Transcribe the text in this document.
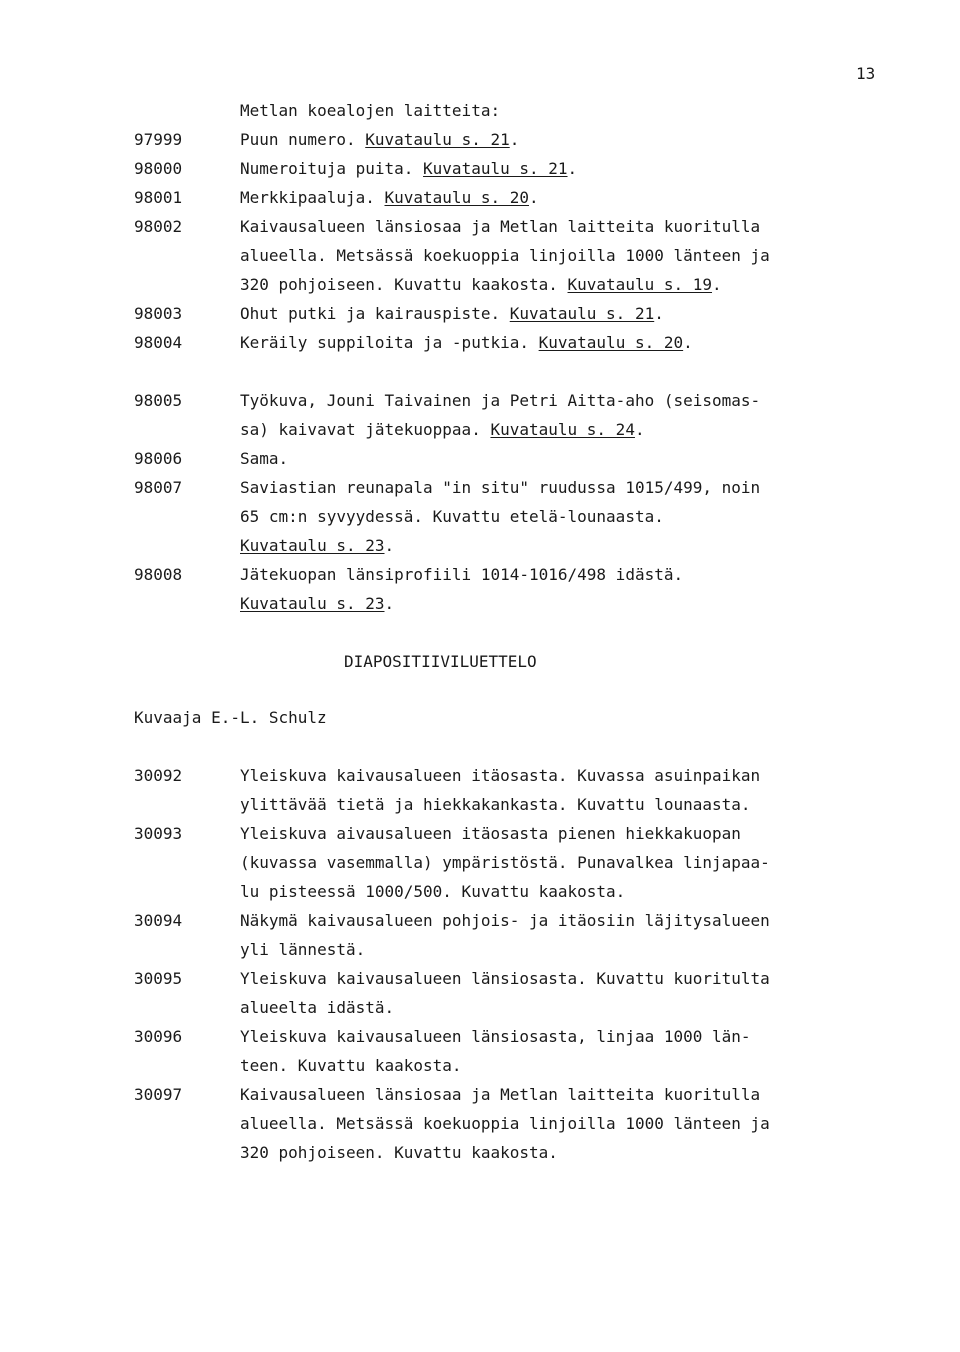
13
Metlan koealojen laitteita:
97999	Puun numero. Kuvataulu s. 21.
98000	Numeroituja puita. Kuvataulu s. 21.
98001	Merkkipaaluja. Kuvataulu s. 20.
98002	Kaivausalueen länsiosaa ja Metlan laitteita kuoritulla
alueella. Metsässä koekuoppia linjoilla 1000 länteen ja
320 pohjoiseen. Kuvattu kaakosta. Kuvataulu s. 19.
98003	Ohut putki ja kairauspiste. Kuvataulu s. 21.
98004	Keräily suppiloita ja -putkia. Kuvataulu s. 20.
98005	Työkuva, Jouni Taivainen ja Petri Aitta-aho (seisomas-
sa) kaivavat jätekuoppaa. Kuvataulu s. 24.
98006	Sama.
98007	Saviastian reunapala "in situ" ruudussa 1015/499, noin
65 cm:n syvyydessä. Kuvattu etelä-lounaasta.
Kuvataulu s. 23.
98008	Jätekuopan länsiprofiili 1014-1016/498 idästä.
Kuvataulu s. 23.
DIAPOSITIIVILUETTELO
Kuvaaja E.-L. Schulz
30092	Yleiskuva kaivausalueen itäosasta. Kuvassa asuinpaikan
ylittävää tietä ja hiekkakankasta. Kuvattu lounaasta.
30093	Yleiskuva aivausalueen itäosasta pienen hiekkakuopan
(kuvassa vasemmalla) ympäristöstä. Punavalkea linjapaa-
lu pisteessä 1000/500. Kuvattu kaakosta.
30094	Näkymä kaivausalueen pohjois- ja itäosiin läjitysalueen
yli lännestä.
30095	Yleiskuva kaivausalueen länsiosasta. Kuvattu kuoritulta
alueelta idästä.
30096	Yleiskuva kaivausalueen länsiosasta, linjaa 1000 län-
teen. Kuvattu kaakosta.
30097	Kaivausalueen länsiosaa ja Metlan laitteita kuoritulla
alueella. Metsässä koekuoppia linjoilla 1000 länteen ja
320 pohjoiseen. Kuvattu kaakosta.
